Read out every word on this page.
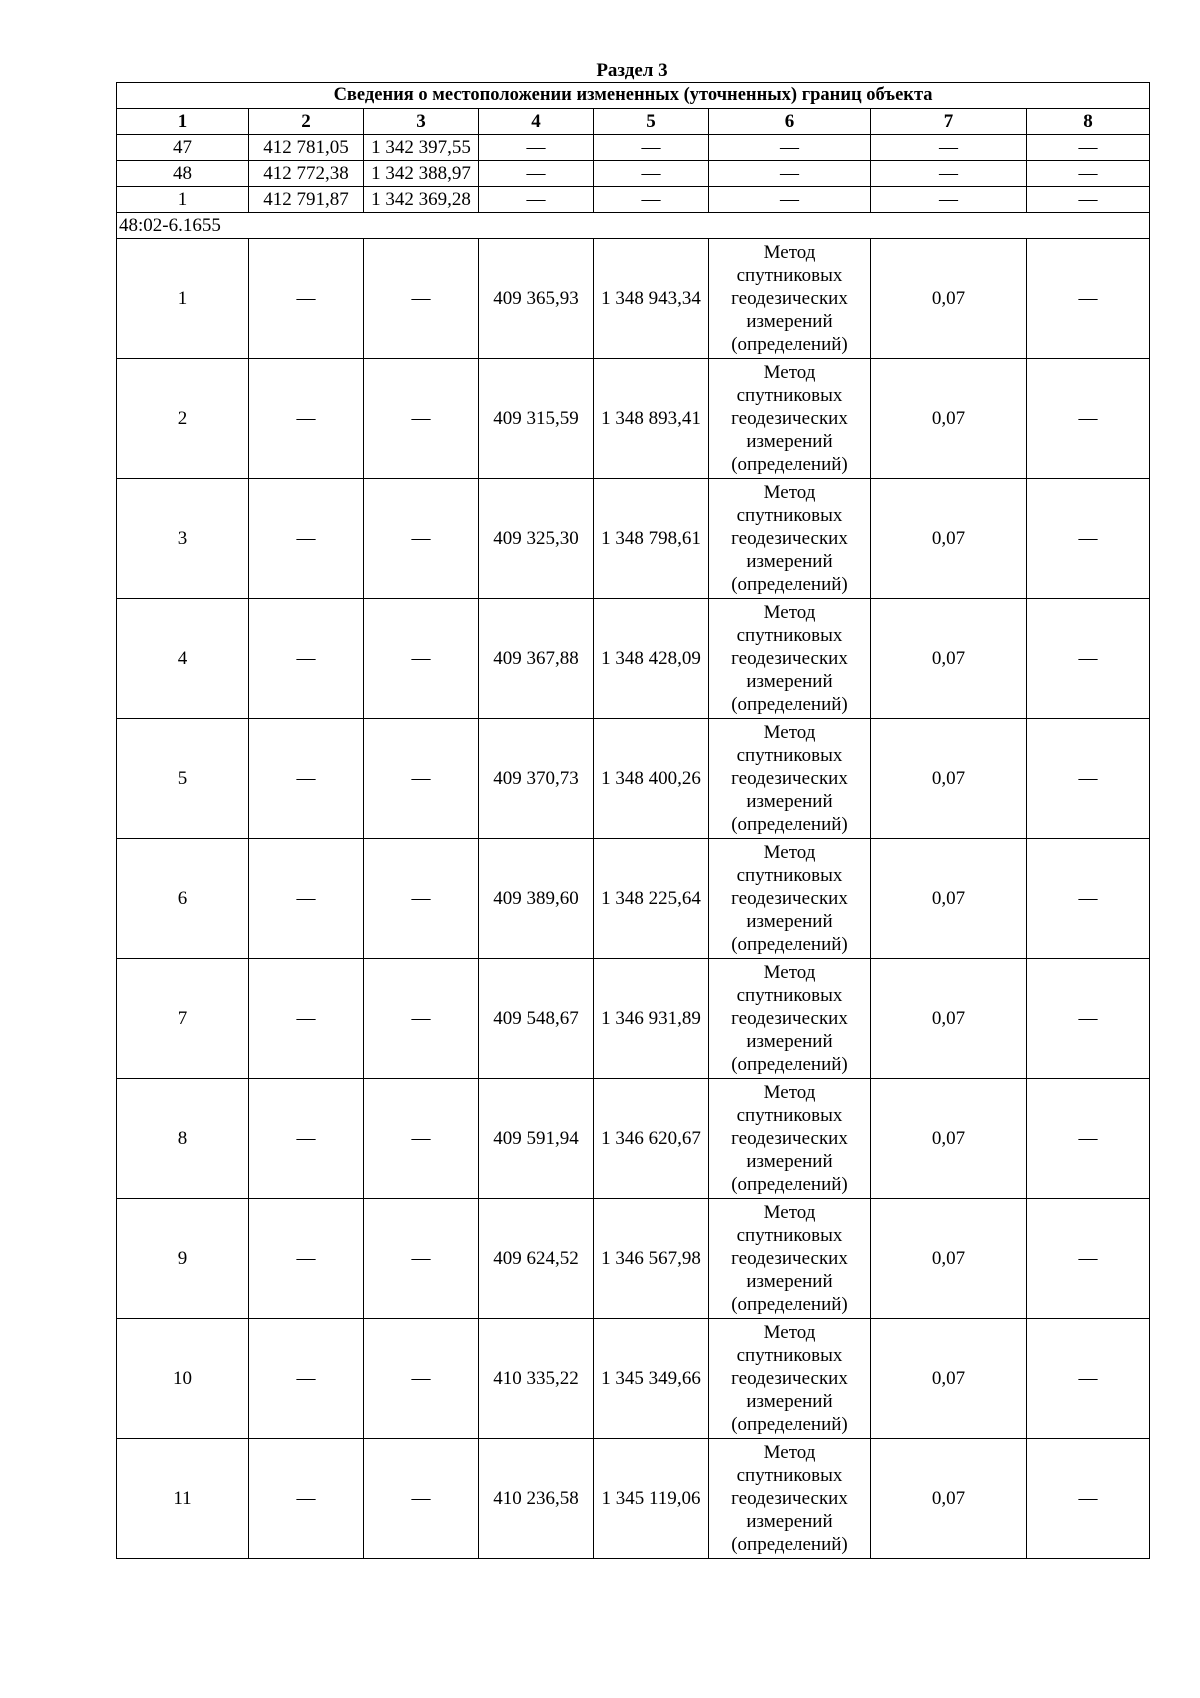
Раздел 3
Сведения о местоположении измененных (уточненных) границ объекта							
1	2	3	4	5	6	7	8
47	412 781,05	1 342 397,55	—	—	—	—	—
48	412 772,38	1 342 388,97	—	—	—	—	—
1	412 791,87	1 342 369,28	—	—	—	—	—
48:02-6.1655							
1	—	—	409 365,93	1 348 943,34	Метод
спутниковых
геодезических
измерений
(определений)	0,07	—
2	—	—	409 315,59	1 348 893,41	Метод
спутниковых
геодезических
измерений
(определений)	0,07	—
3	—	—	409 325,30	1 348 798,61	Метод
спутниковых
геодезических
измерений
(определений)	0,07	—
4	—	—	409 367,88	1 348 428,09	Метод
спутниковых
геодезических
измерений
(определений)	0,07	—
5	—	—	409 370,73	1 348 400,26	Метод
спутниковых
геодезических
измерений
(определений)	0,07	—
6	—	—	409 389,60	1 348 225,64	Метод
спутниковых
геодезических
измерений
(определений)	0,07	—
7	—	—	409 548,67	1 346 931,89	Метод
спутниковых
геодезических
измерений
(определений)	0,07	—
8	—	—	409 591,94	1 346 620,67	Метод
спутниковых
геодезических
измерений
(определений)	0,07	—
9	—	—	409 624,52	1 346 567,98	Метод
спутниковых
геодезических
измерений
(определений)	0,07	—
10	—	—	410 335,22	1 345 349,66	Метод
спутниковых
геодезических
измерений
(определений)	0,07	—
11	—	—	410 236,58	1 345 119,06	Метод
спутниковых
геодезических
измерений
(определений)	0,07	—
